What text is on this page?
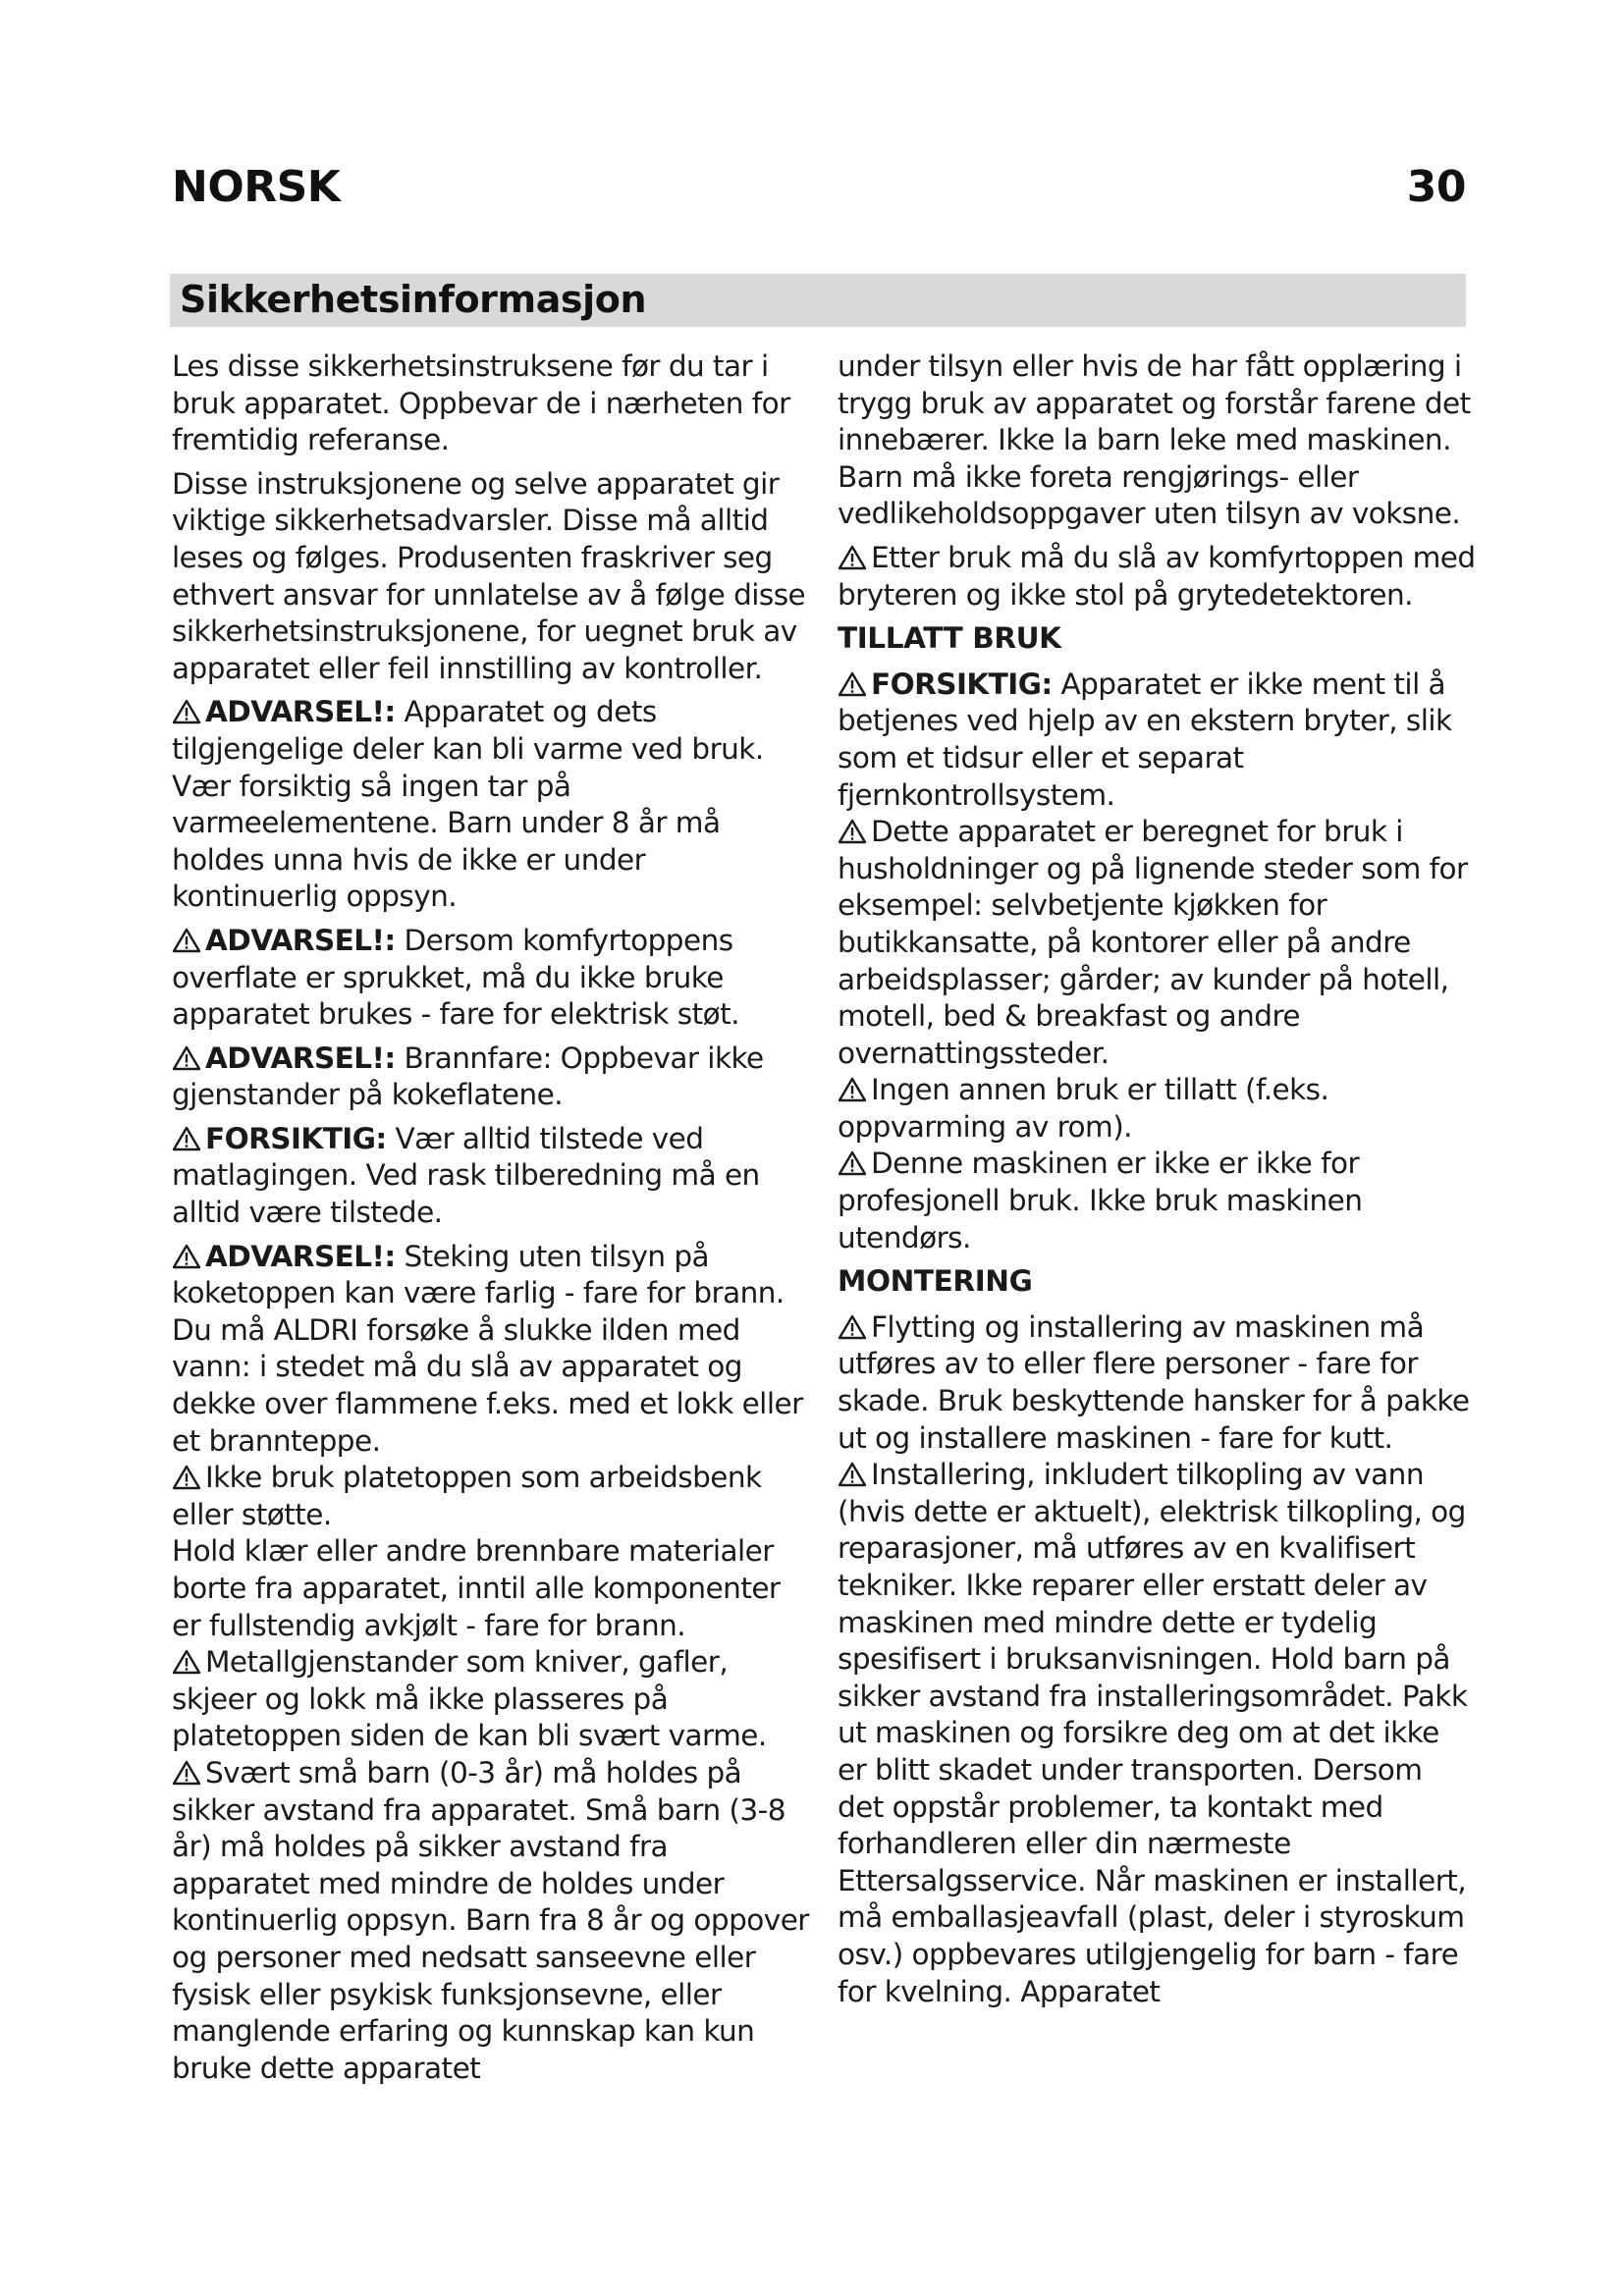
NORSK	30
Sikkerhetsinformasjon

Les disse sikkerhetsinstruksene før du tar i bruk apparatet. Oppbevar de i nærheten for fremtidig referanse.

Disse instruksjonene og selve apparatet gir viktige sikkerhetsadvarsler. Disse må alltid leses og følges. Produsenten fraskriver seg ethvert ansvar for unnlatelse av å følge disse sikkerhetsinstruksjonene, for uegnet bruk av apparatet eller feil innstilling av kontroller.

ADVARSEL!: Apparatet og dets tilgjengelige deler kan bli varme ved bruk. Vær forsiktig så ingen tar på varmeelementene. Barn under 8 år må holdes unna hvis de ikke er under kontinuerlig oppsyn.

ADVARSEL!: Dersom komfyrtoppens overflate er sprukket, må du ikke bruke apparatet brukes - fare for elektrisk støt.

ADVARSEL!: Brannfare: Oppbevar ikke gjenstander på kokeflatene.

FORSIKTIG: Vær alltid tilstede ved matlagingen. Ved rask tilberedning må en alltid være tilstede.

ADVARSEL!: Steking uten tilsyn på koketoppen kan være farlig - fare for brann. Du må ALDRI forsøke å slukke ilden med vann: i stedet må du slå av apparatet og dekke over flammene f.eks. med et lokk eller et brannteppe.

Ikke bruk platetoppen som arbeidsbenk eller støtte.

Hold klær eller andre brennbare materialer borte fra apparatet, inntil alle komponenter er fullstendig avkjølt - fare for brann.

Metallgjenstander som kniver, gafler, skjeer og lokk må ikke plasseres på platetoppen siden de kan bli svært varme.

Svært små barn (0-3 år) må holdes på sikker avstand fra apparatet. Små barn (3-8 år) må holdes på sikker avstand fra apparatet med mindre de holdes under kontinuerlig oppsyn. Barn fra 8 år og oppover og personer med nedsatt sanseevne eller fysisk eller psykisk funksjonsevne, eller manglende erfaring og kunnskap kan kun bruke dette apparatet

under tilsyn eller hvis de har fått opplæring i trygg bruk av apparatet og forstår farene det innebærer. Ikke la barn leke med maskinen. Barn må ikke foreta rengjørings- eller vedlikeholdsoppgaver uten tilsyn av voksne.

Etter bruk må du slå av komfyrtoppen med bryteren og ikke stol på grytedetektoren.

TILLATT BRUK

FORSIKTIG: Apparatet er ikke ment til å betjenes ved hjelp av en ekstern bryter, slik som et tidsur eller et separat fjernkontrollsystem.

Dette apparatet er beregnet for bruk i husholdninger og på lignende steder som for eksempel: selvbetjente kjøkken for butikkansatte, på kontorer eller på andre arbeidsplasser; gårder; av kunder på hotell, motell, bed & breakfast og andre overnattingssteder.

Ingen annen bruk er tillatt (f.eks. oppvarming av rom).

Denne maskinen er ikke er ikke for profesjonell bruk. Ikke bruk maskinen utendørs.

MONTERING

Flytting og installering av maskinen må utføres av to eller flere personer - fare for skade. Bruk beskyttende hansker for å pakke ut og installere maskinen - fare for kutt.

Installering, inkludert tilkopling av vann (hvis dette er aktuelt), elektrisk tilkopling, og reparasjoner, må utføres av en kvalifisert tekniker. Ikke reparer eller erstatt deler av maskinen med mindre dette er tydelig spesifisert i bruksanvisningen. Hold barn på sikker avstand fra installeringsområdet. Pakk ut maskinen og forsikre deg om at det ikke er blitt skadet under transporten. Dersom det oppstår problemer, ta kontakt med forhandleren eller din nærmeste Ettersalgsservice. Når maskinen er installert, må emballasjeavfall (plast, deler i styroskum osv.) oppbevares utilgjengelig for barn - fare for kvelning. Apparatet
